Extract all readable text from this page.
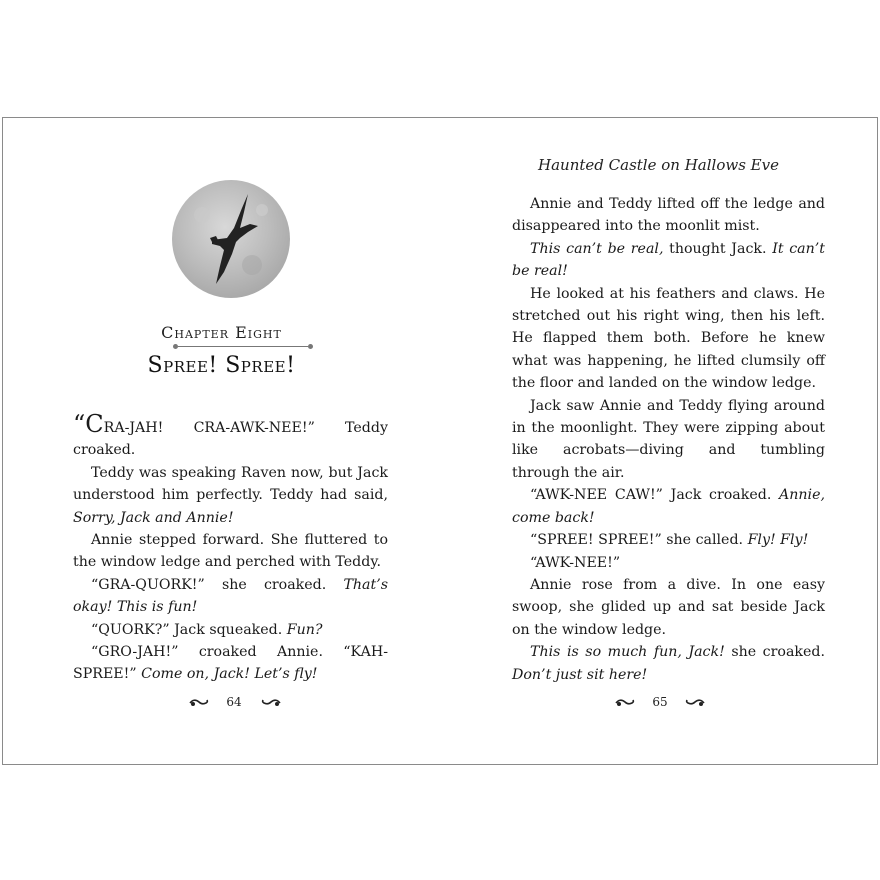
Chapter Eight
Spree! Spree!

“CRA-JAH! CRA-AWK-NEE!” Teddy croaked.

Teddy was speaking Raven now, but Jack understood him perfectly. Teddy had said, Sorry, Jack and Annie!

Annie stepped forward. She fluttered to the window ledge and perched with Teddy.

“GRA-QUORK!” she croaked. That’s okay! This is fun!

“QUORK?” Jack squeaked. Fun?

“GRO-JAH!” croaked Annie. “KAH-SPREE!” Come on, Jack! Let’s fly!

64
Haunted Castle on Hallows Eve

Annie and Teddy lifted off the ledge and disappeared into the moonlit mist.

This can’t be real, thought Jack. It can’t be real!

He looked at his feathers and claws. He stretched out his right wing, then his left. He flapped them both. Before he knew what was happening, he lifted clumsily off the floor and landed on the window ledge.

Jack saw Annie and Teddy flying around in the moonlight. They were zipping about like acrobats—diving and tumbling through the air.

“AWK-NEE CAW!” Jack croaked. Annie, come back!

“SPREE! SPREE!” she called. Fly! Fly!

“AWK-NEE!”

Annie rose from a dive. In one easy swoop, she glided up and sat beside Jack on the window ledge.

This is so much fun, Jack! she croaked. Don’t just sit here!

65
